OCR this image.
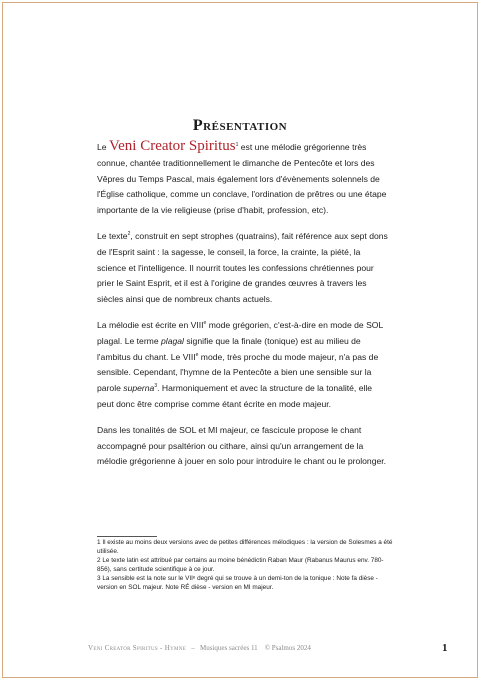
Présentation

Le Veni Creator Spiritus$^1$ est une mélodie grégorienne très connue, chantée traditionnellement le dimanche de Pentecôte et lors des Vêpres du Temps Pascal, mais également lors d'évènements solennels de l'Église catholique, comme un conclave, l'ordination de prêtres ou une étape importante de la vie religieuse (prise d'habit, profession, etc).

Le texte$^2$, construit en sept strophes (quatrains), fait référence aux sept dons de l'Esprit saint : la sagesse, le conseil, la force, la crainte, la piété, la science et l'intelligence. Il nourrit toutes les confessions chrétiennes pour prier le Saint Esprit, et il est à l'origine de grandes œuvres à travers les siècles ainsi que de nombreux chants actuels.

La mélodie est écrite en VIIIe mode grégorien, c'est-à-dire en mode de SOL plagal. Le terme plagal signifie que la finale (tonique) est au milieu de l'ambitus du chant. Le VIIIe mode, très proche du mode majeur, n'a pas de sensible. Cependant, l'hymne de la Pentecôte a bien une sensible sur la parole superna$^3$. Harmoniquement et avec la structure de la tonalité, elle peut donc être comprise comme étant écrite en mode majeur.

Dans les tonalités de SOL et MI majeur, ce fascicule propose le chant accompagné pour psaltérion ou cithare, ainsi qu'un arrangement de la mélodie grégorienne à jouer en solo pour introduire le chant ou le prolonger.

1 Il existe au moins deux versions avec de petites différences mélodiques : la version de Solesmes a été utilisée.
2 Le texte latin est attribué par certains au moine bénédictin Raban Maur (Rabanus Maurus env. 780-856), sans certitude scientifique à ce jour.
3 La sensible est la note sur le VIIᵉ degré qui se trouve à un demi-ton de la tonique : Note fa dièse - version en SOL majeur. Note RÉ dièse - version en MI majeur.
Veni Creator Spiritus - Hymne   –   Musiques sacrées 11 © Psalmos 2024	1
